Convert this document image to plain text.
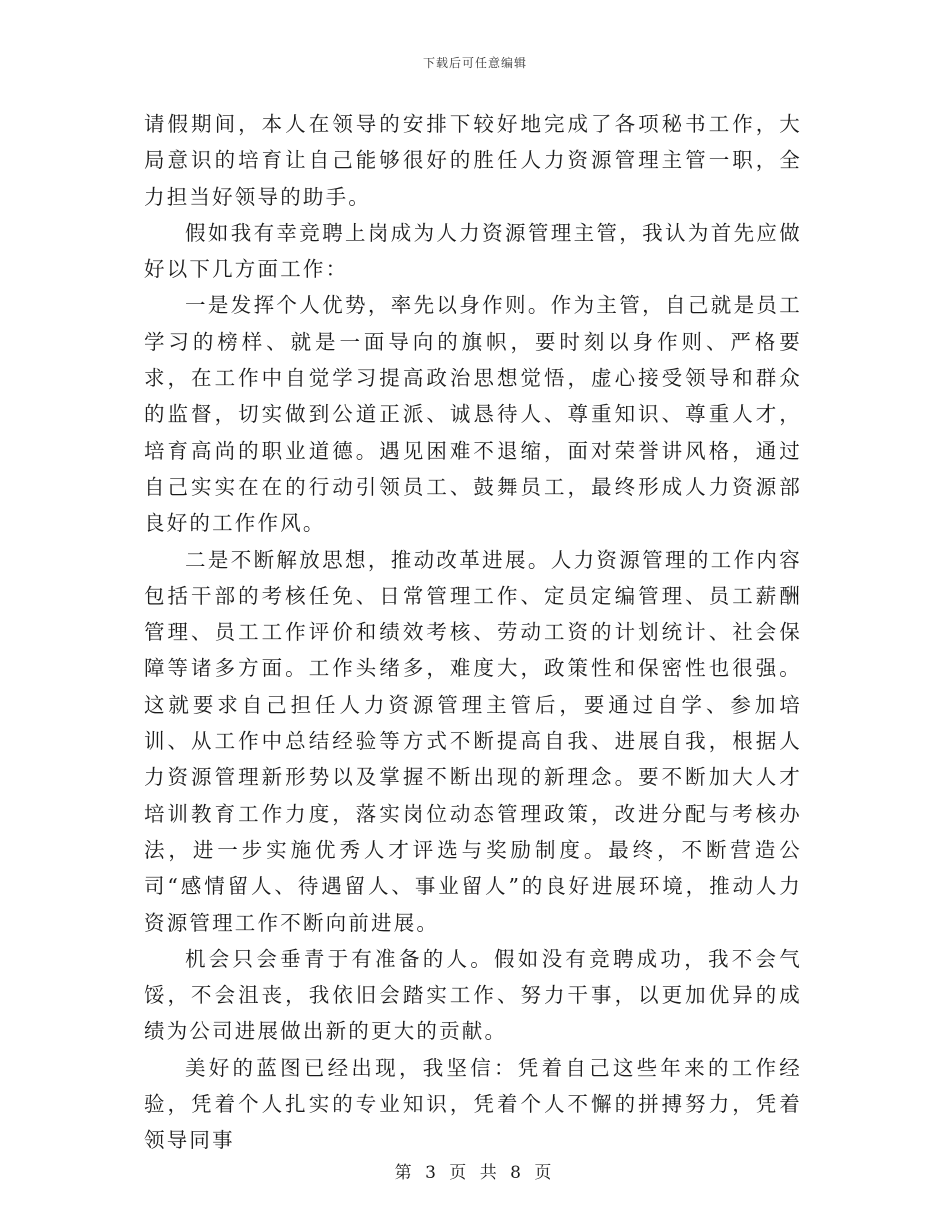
下载后可任意编辑

请假期间，本人在领导的安排下较好地完成了各项秘书工作，大局意识的培育让自己能够很好的胜任人力资源管理主管一职，全力担当好领导的助手。

假如我有幸竞聘上岗成为人力资源管理主管，我认为首先应做好以下几方面工作：

一是发挥个人优势，率先以身作则。作为主管，自己就是员工学习的榜样、就是一面导向的旗帜，要时刻以身作则、严格要求，在工作中自觉学习提高政治思想觉悟，虚心接受领导和群众的监督，切实做到公道正派、诚恳待人、尊重知识、尊重人才，培育高尚的职业道德。遇见困难不退缩，面对荣誉讲风格，通过自己实实在在的行动引领员工、鼓舞员工，最终形成人力资源部良好的工作作风。

二是不断解放思想，推动改革进展。人力资源管理的工作内容包括干部的考核任免、日常管理工作、定员定编管理、员工薪酬管理、员工工作评价和绩效考核、劳动工资的计划统计、社会保障等诸多方面。工作头绪多，难度大，政策性和保密性也很强。这就要求自己担任人力资源管理主管后，要通过自学、参加培训、从工作中总结经验等方式不断提高自我、进展自我，根据人力资源管理新形势以及掌握不断出现的新理念。要不断加大人才培训教育工作力度，落实岗位动态管理政策，改进分配与考核办法，进一步实施优秀人才评选与奖励制度。最终，不断营造公司“感情留人、待遇留人、事业留人”的良好进展环境，推动人力资源管理工作不断向前进展。

机会只会垂青于有准备的人。假如没有竞聘成功，我不会气馁，不会沮丧，我依旧会踏实工作、努力干事，以更加优异的成绩为公司进展做出新的更大的贡献。

美好的蓝图已经出现，我坚信：凭着自己这些年来的工作经验，凭着个人扎实的专业知识，凭着个人不懈的拼搏努力，凭着领导同事

第 3 页 共 8 页
